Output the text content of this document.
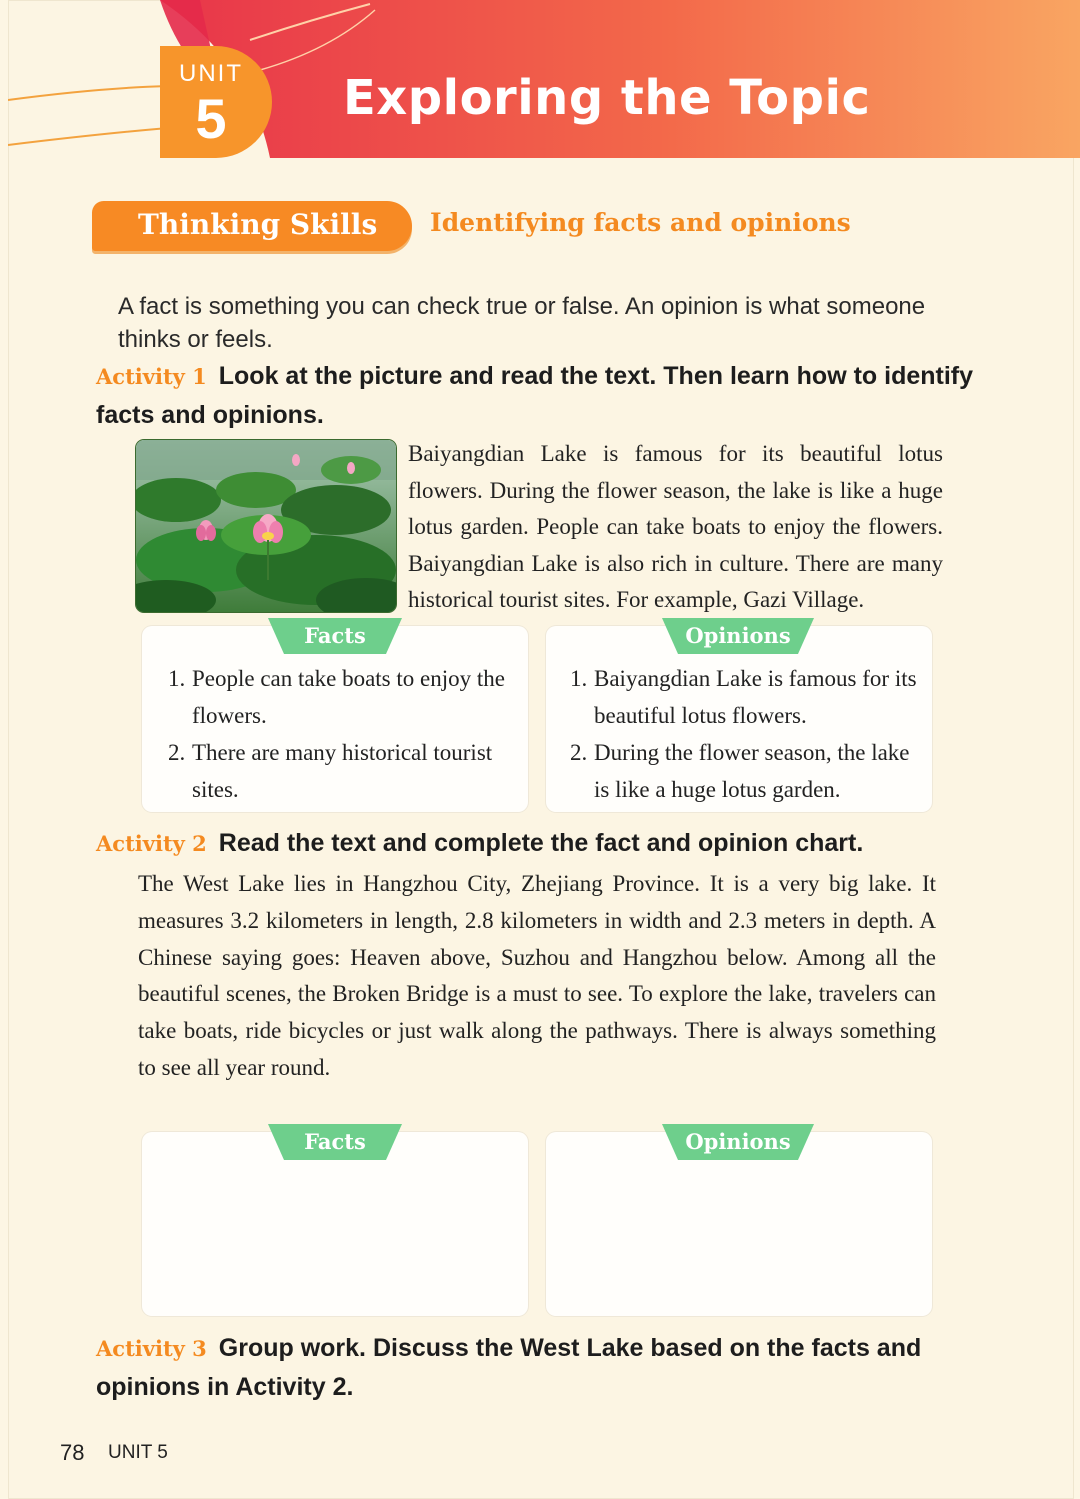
UNIT
5	Exploring the Topic
Thinking Skills Identifying facts and opinions
A fact is something you can check true or false. An opinion is what someone thinks or feels.
Activity 1 Look at the picture and read the text. Then learn how to identify facts and opinions.
Baiyangdian Lake is famous for its beautiful lotus flowers. During the flower season, the lake is like a huge lotus garden. People can take boats to enjoy the flowers. Baiyangdian Lake is also rich in culture. There are many historical tourist sites. For example, Gazi Village.
Facts
1. People can take boats to enjoy the flowers.
2. There are many historical tourist sites.
Opinions
1. Baiyangdian Lake is famous for its beautiful lotus flowers.
2. During the flower season, the lake is like a huge lotus garden.
Activity 2 Read the text and complete the fact and opinion chart.
The West Lake lies in Hangzhou City, Zhejiang Province. It is a very big lake. It measures 3.2 kilometers in length, 2.8 kilometers in width and 2.3 meters in depth. A Chinese saying goes: Heaven above, Suzhou and Hangzhou below. Among all the beautiful scenes, the Broken Bridge is a must to see. To explore the lake, travelers can take boats, ride bicycles or just walk along the pathways. There is always something to see all year round.
Facts	Opinions
Activity 3 Group work. Discuss the West Lake based on the facts and opinions in Activity 2.
78 UNIT 5
